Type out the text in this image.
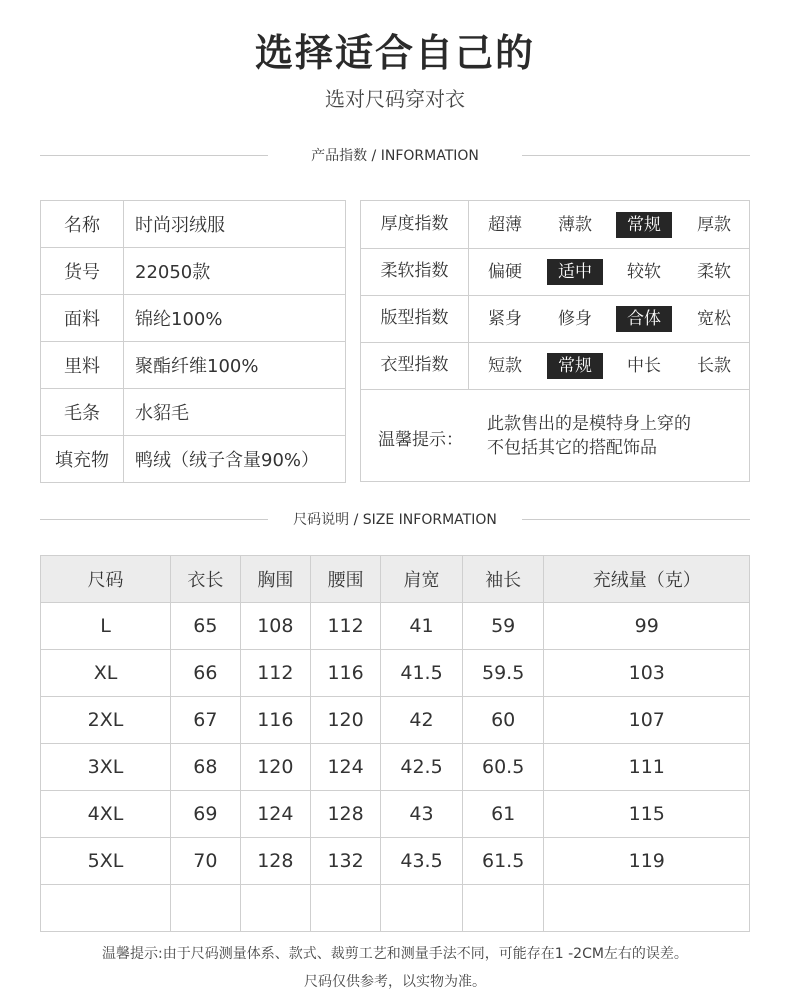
选择适合自己的
选对尺码穿对衣
产品指数 / INFORMATION
名称	时尚羽绒服
货号	22050款
面料	锦纶100%
里料	聚酯纤维100%
毛条	水貂毛
填充物	鸭绒（绒子含量90%）
厚度指数	超薄	薄款	常规	厚款
柔软指数	偏硬	适中	较软	柔软
版型指数	紧身	修身	合体	宽松
衣型指数	短款	常规	中长	长款
温馨提示：
此款售出的是模特身上穿的
不包括其它的搭配饰品
尺码说明 / SIZE INFORMATION
尺码	衣长	胸围	腰围	肩宽	袖长	充绒量（克）
L	65	108	112	41	59	99
XL	66	112	116	41.5	59.5	103
2XL	67	116	120	42	60	107
3XL	68	120	124	42.5	60.5	111
4XL	69	124	128	43	61	115
5XL	70	128	132	43.5	61.5	119

温馨提示:由于尺码测量体系、款式、裁剪工艺和测量手法不同，可能存在1 -2CM左右的误差。
尺码仅供参考，以实物为准。
